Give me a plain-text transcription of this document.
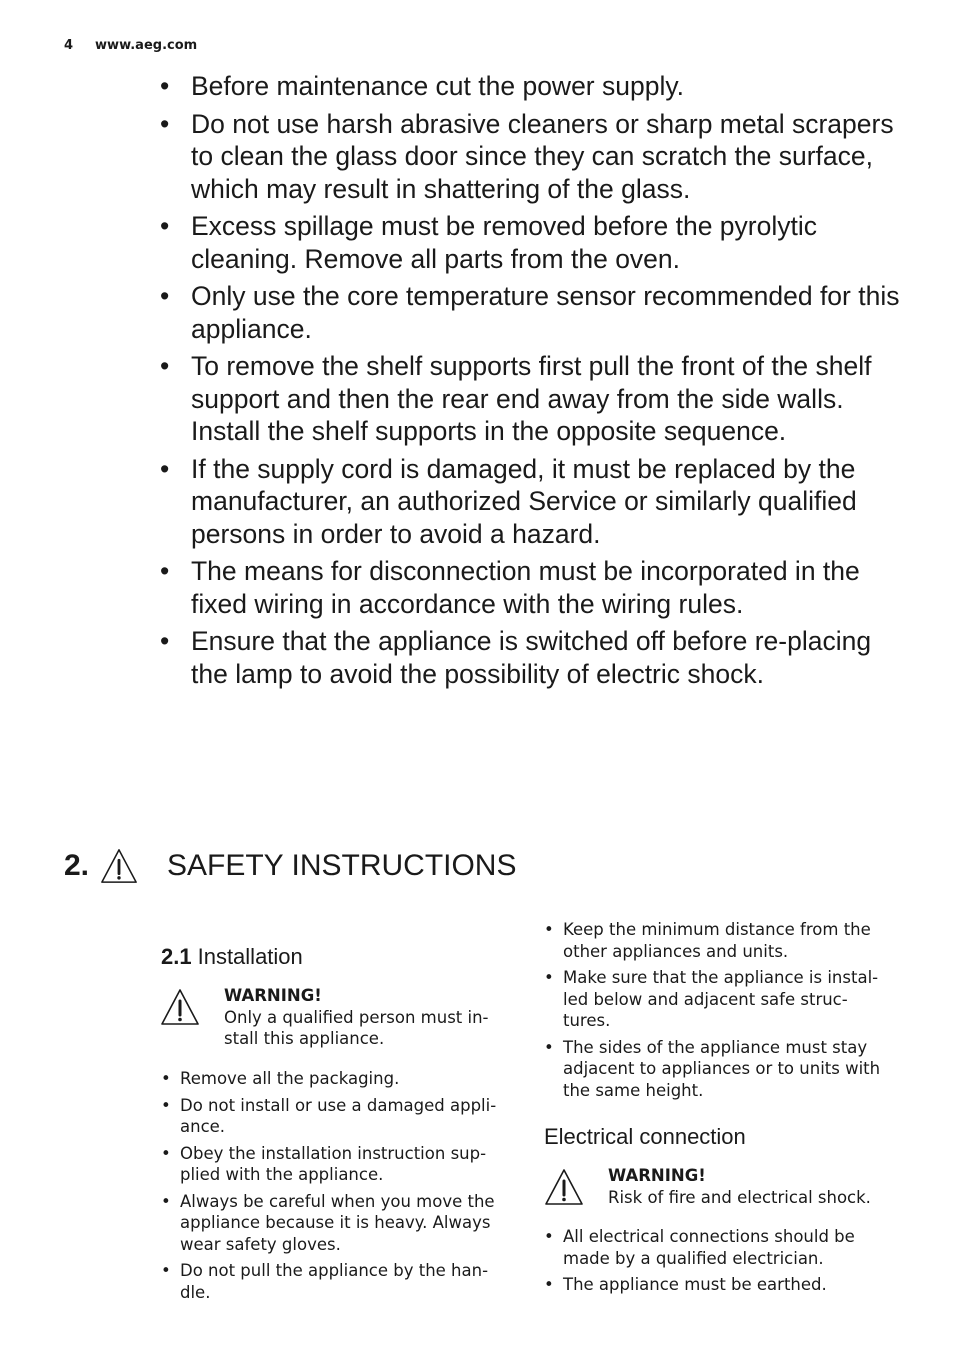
4 www.aeg.com
• Before maintenance cut the power supply.
• Do not use harsh abrasive cleaners or sharp metal scrapers to clean the glass door since they can scratch the surface, which may result in shattering of the glass.
• Excess spillage must be removed before the pyrolytic cleaning. Remove all parts from the oven.
• Only use the core temperature sensor recommended for this appliance.
• To remove the shelf supports first pull the front of the shelf support and then the rear end away from the side walls. Install the shelf supports in the opposite sequence.
• If the supply cord is damaged, it must be replaced by the manufacturer, an authorized Service or similarly qualified persons in order to avoid a hazard.
• The means for disconnection must be incorporated in the fixed wiring in accordance with the wiring rules.
• Ensure that the appliance is switched off before re-placing the lamp to avoid the possibility of electric shock.
2.	SAFETY INSTRUCTIONS
2.1 Installation
WARNING!
Only a qualified person must in-stall this appliance.
• Remove all the packaging.
• Do not install or use a damaged appli-ance.
• Obey the installation instruction sup-plied with the appliance.
• Always be careful when you move the appliance because it is heavy. Always wear safety gloves.
• Do not pull the appliance by the han-dle.
• Keep the minimum distance from the other appliances and units.
• Make sure that the appliance is instal-led below and adjacent safe struc-tures.
• The sides of the appliance must stay adjacent to appliances or to units with the same height.
Electrical connection
WARNING!
Risk of fire and electrical shock.
• All electrical connections should be made by a qualified electrician.
• The appliance must be earthed.
